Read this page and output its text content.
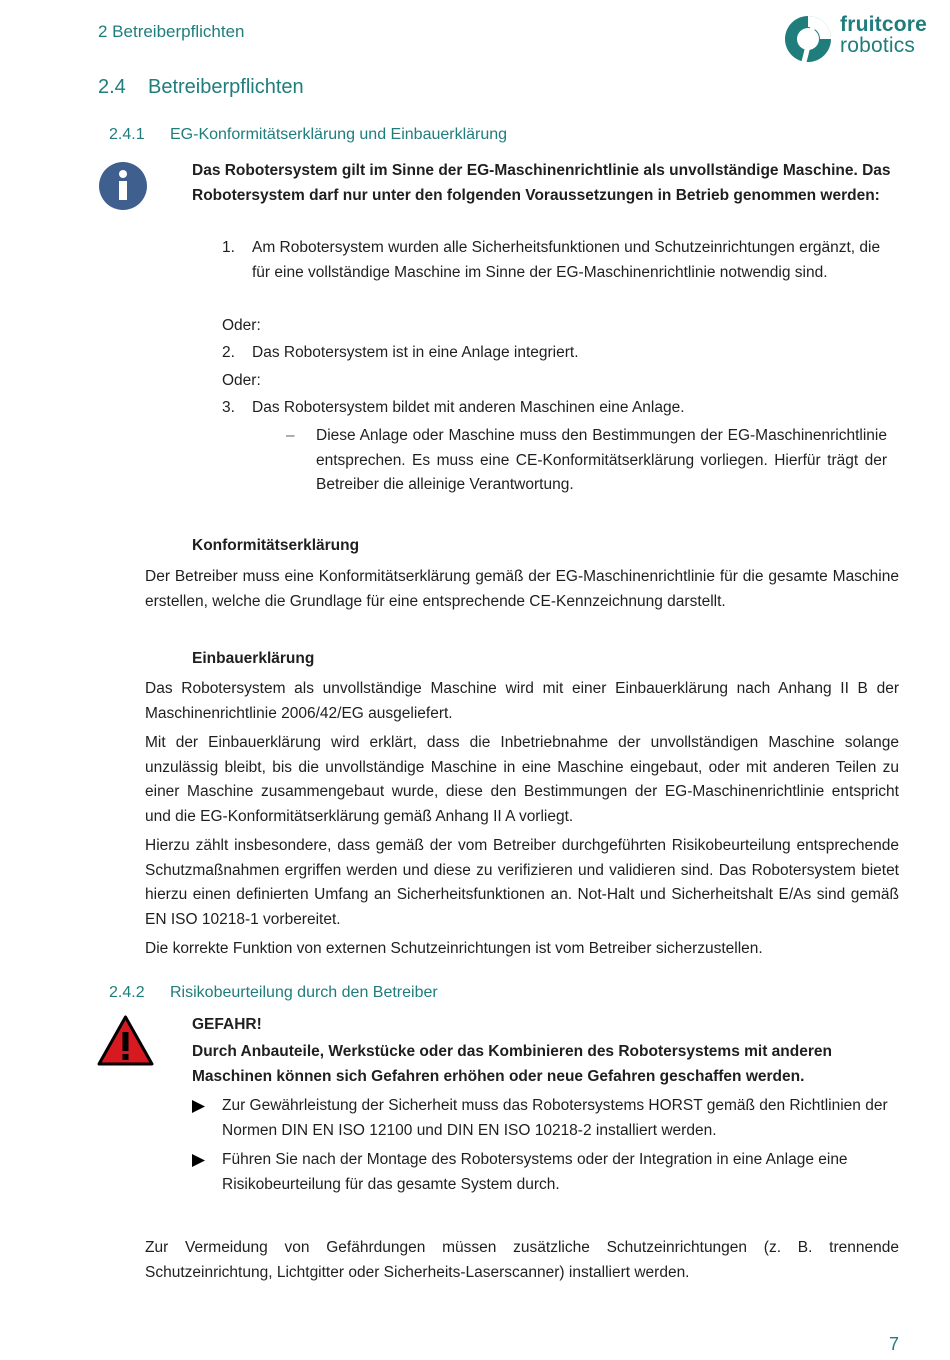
2 Betreiberpflichten	fruitcore
robotics
2.4 Betreiberpflichten
2.4.1 EG-Konformitätserklärung und Einbauerklärung
Das Robotersystem gilt im Sinne der EG-Maschinenrichtlinie als unvollständige Maschine. Das Robotersystem darf nur unter den folgenden Voraussetzungen in Betrieb genommen werden:
1.	Am Robotersystem wurden alle Sicherheitsfunktionen und Schutzeinrichtungen ergänzt, die für eine vollständige Maschine im Sinne der EG-Maschinenrichtlinie notwendig sind.
Oder:
2.	Das Robotersystem ist in eine Anlage integriert.
Oder:
3.	Das Robotersystem bildet mit anderen Maschinen eine Anlage.
– Diese Anlage oder Maschine muss den Bestimmungen der EG-Maschinenrichtlinie entsprechen. Es muss eine CE-Konformitätserklärung vorliegen. Hierfür trägt der Betreiber die alleinige Verantwortung.
Konformitätserklärung
Der Betreiber muss eine Konformitätserklärung gemäß der EG-Maschinenrichtlinie für die gesamte Maschine erstellen, welche die Grundlage für eine entsprechende CE-Kennzeichnung darstellt.
Einbauerklärung
Das Robotersystem als unvollständige Maschine wird mit einer Einbauerklärung nach Anhang II B der Maschinenrichtlinie 2006/42/EG ausgeliefert.
Mit der Einbauerklärung wird erklärt, dass die Inbetriebnahme der unvollständigen Maschine solange unzulässig bleibt, bis die unvollständige Maschine in eine Maschine eingebaut, oder mit anderen Teilen zu einer Maschine zusammengebaut wurde, diese den Bestimmungen der EG-Maschinenrichtlinie entspricht und die EG-Konformitätserklärung gemäß Anhang II A vorliegt.
Hierzu zählt insbesondere, dass gemäß der vom Betreiber durchgeführten Risikobeurteilung entsprechende Schutzmaßnahmen ergriffen werden und diese zu verifizieren und validieren sind. Das Robotersystem bietet hierzu einen definierten Umfang an Sicherheitsfunktionen an. Not-Halt und Sicherheitshalt E/As sind gemäß EN ISO 10218-1 vorbereitet.
Die korrekte Funktion von externen Schutzeinrichtungen ist vom Betreiber sicherzustellen.
2.4.2 Risikobeurteilung durch den Betreiber
GEFAHR!
Durch Anbauteile, Werkstücke oder das Kombinieren des Robotersystems mit anderen Maschinen können sich Gefahren erhöhen oder neue Gefahren geschaffen werden.
Zur Gewährleistung der Sicherheit muss das Robotersystems HORST gemäß den Richtlinien der Normen DIN EN ISO 12100 und DIN EN ISO 10218-2 installiert werden.
Führen Sie nach der Montage des Robotersystems oder der Integration in eine Anlage eine Risikobeurteilung für das gesamte System durch.
Zur Vermeidung von Gefährdungen müssen zusätzliche Schutzeinrichtungen (z. B. trennende Schutzeinrichtung, Lichtgitter oder Sicherheits-Laserscanner) installiert werden.
7
